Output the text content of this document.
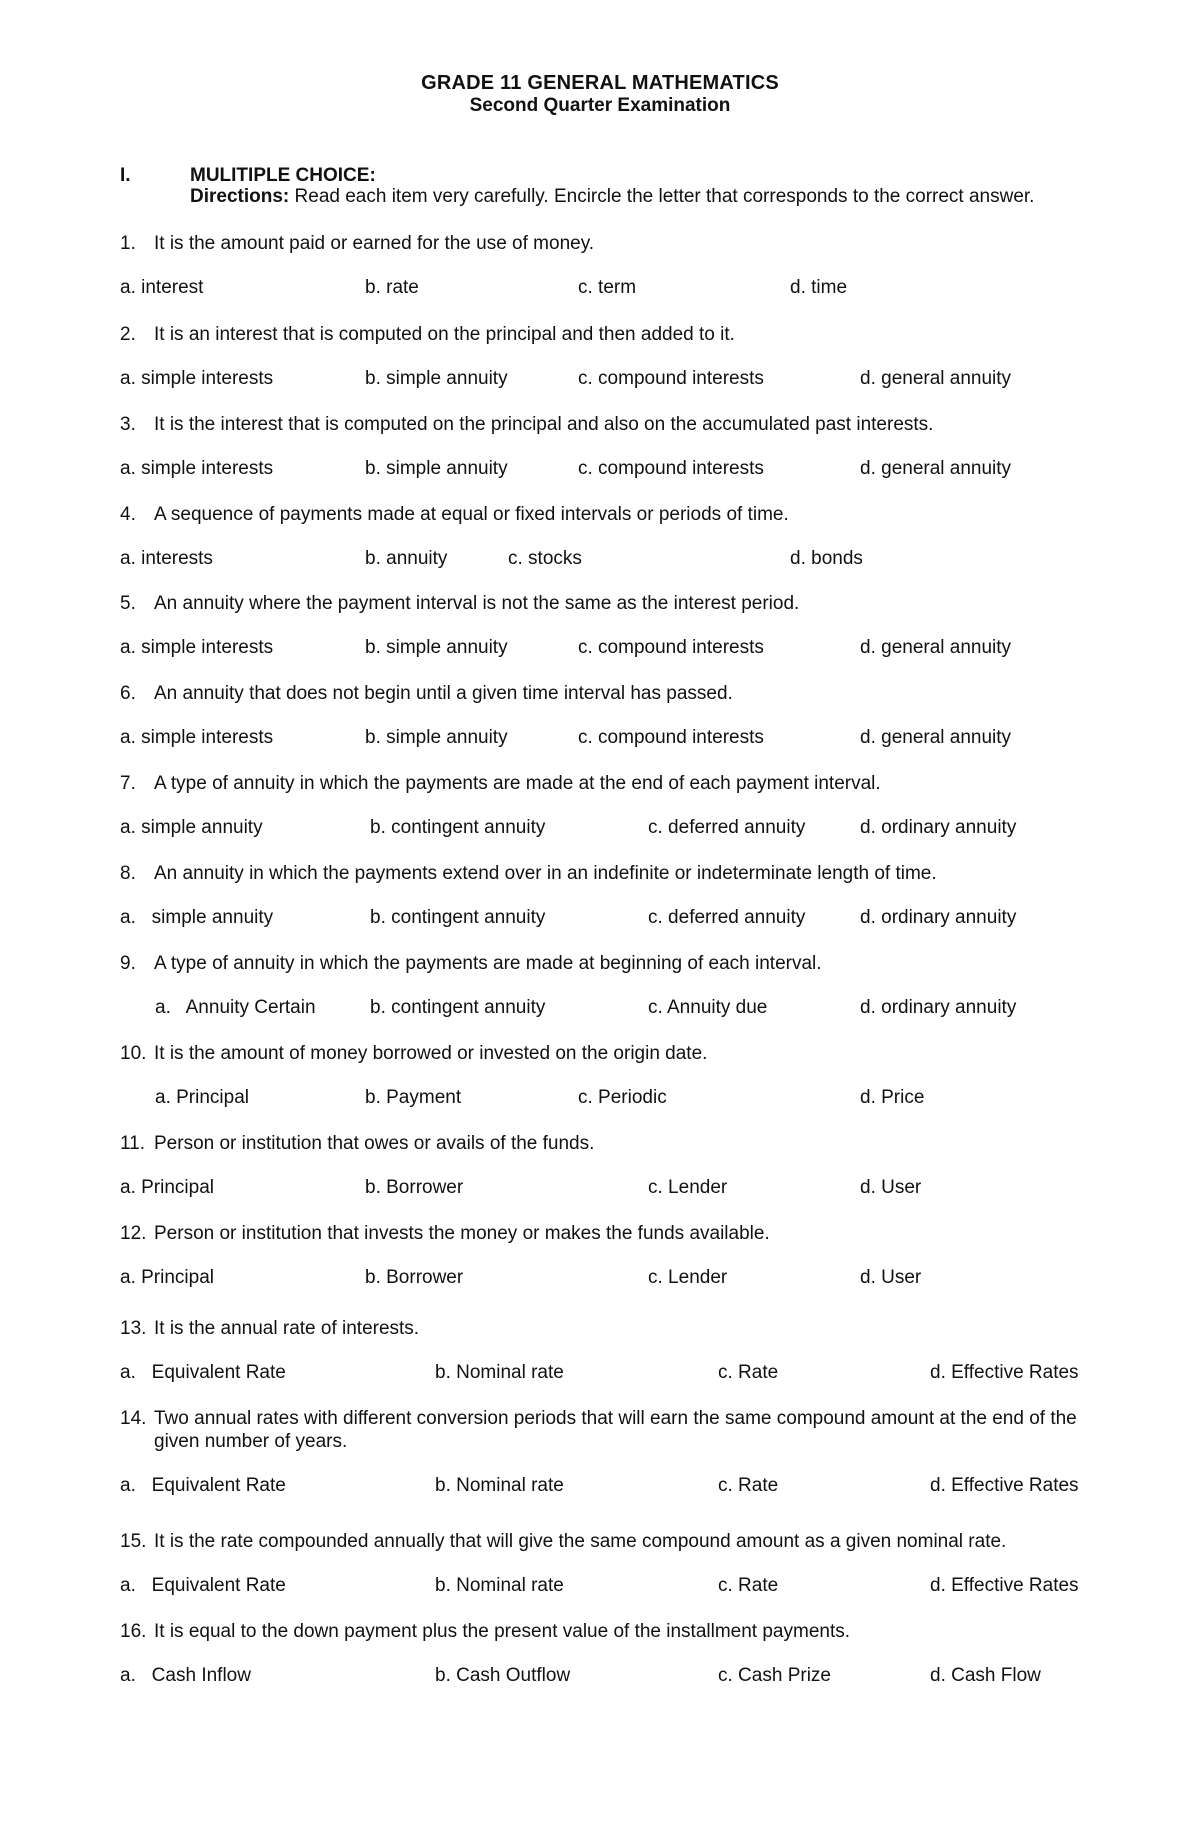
GRADE 11 GENERAL MATHEMATICS
Second Quarter Examination
I.	MULITIPLE CHOICE:
Directions: Read each item very carefully. Encircle the letter that corresponds to the correct answer.
1. It is the amount paid or earned for the use of money.
a. interest	b. rate	c. term	d. time
2. It is an interest that is computed on the principal and then added to it.
a. simple interests	b. simple annuity	c. compound interests	d. general annuity
3. It is the interest that is computed on the principal and also on the accumulated past interests.
a. simple interests	b. simple annuity	c. compound interests	d. general annuity
4. A sequence of payments made at equal or fixed intervals or periods of time.
a. interests	b. annuity	c. stocks	d. bonds
5. An annuity where the payment interval is not the same as the interest period.
a. simple interests	b. simple annuity	c. compound interests	d. general annuity
6. An annuity that does not begin until a given time interval has passed.
a. simple interests	b. simple annuity	c. compound interests	d. general annuity
7. A type of annuity in which the payments are made at the end of each payment interval.
a. simple annuity	b. contingent annuity	c. deferred annuity	d. ordinary annuity
8. An annuity in which the payments extend over in an indefinite or indeterminate length of time.
a.   simple annuity	b. contingent annuity	c. deferred annuity	d. ordinary annuity
9. A type of annuity in which the payments are made at beginning of each interval.
a.   Annuity Certain	b. contingent annuity	c. Annuity due	d. ordinary annuity
10. It is the amount of money borrowed or invested on the origin date.
a. Principal	b. Payment	c. Periodic	d. Price
11. Person or institution that owes or avails of the funds.
a. Principal	b. Borrower	c. Lender	d. User
12. Person or institution that invests the money or makes the funds available.
a. Principal	b. Borrower	c. Lender	d. User
13. It is the annual rate of interests.
a.   Equivalent Rate	b. Nominal rate	c. Rate	d. Effective Rates
14. Two annual rates with different conversion periods that will earn the same compound amount at the end of the given number of years.
a.   Equivalent Rate	b. Nominal rate	c. Rate	d. Effective Rates
15. It is the rate compounded annually that will give the same compound amount as a given nominal rate.
a.   Equivalent Rate	b. Nominal rate	c. Rate	d. Effective Rates
16. It is equal to the down payment plus the present value of the installment payments.
a.   Cash Inflow	b. Cash Outflow	c. Cash Prize	d. Cash Flow
